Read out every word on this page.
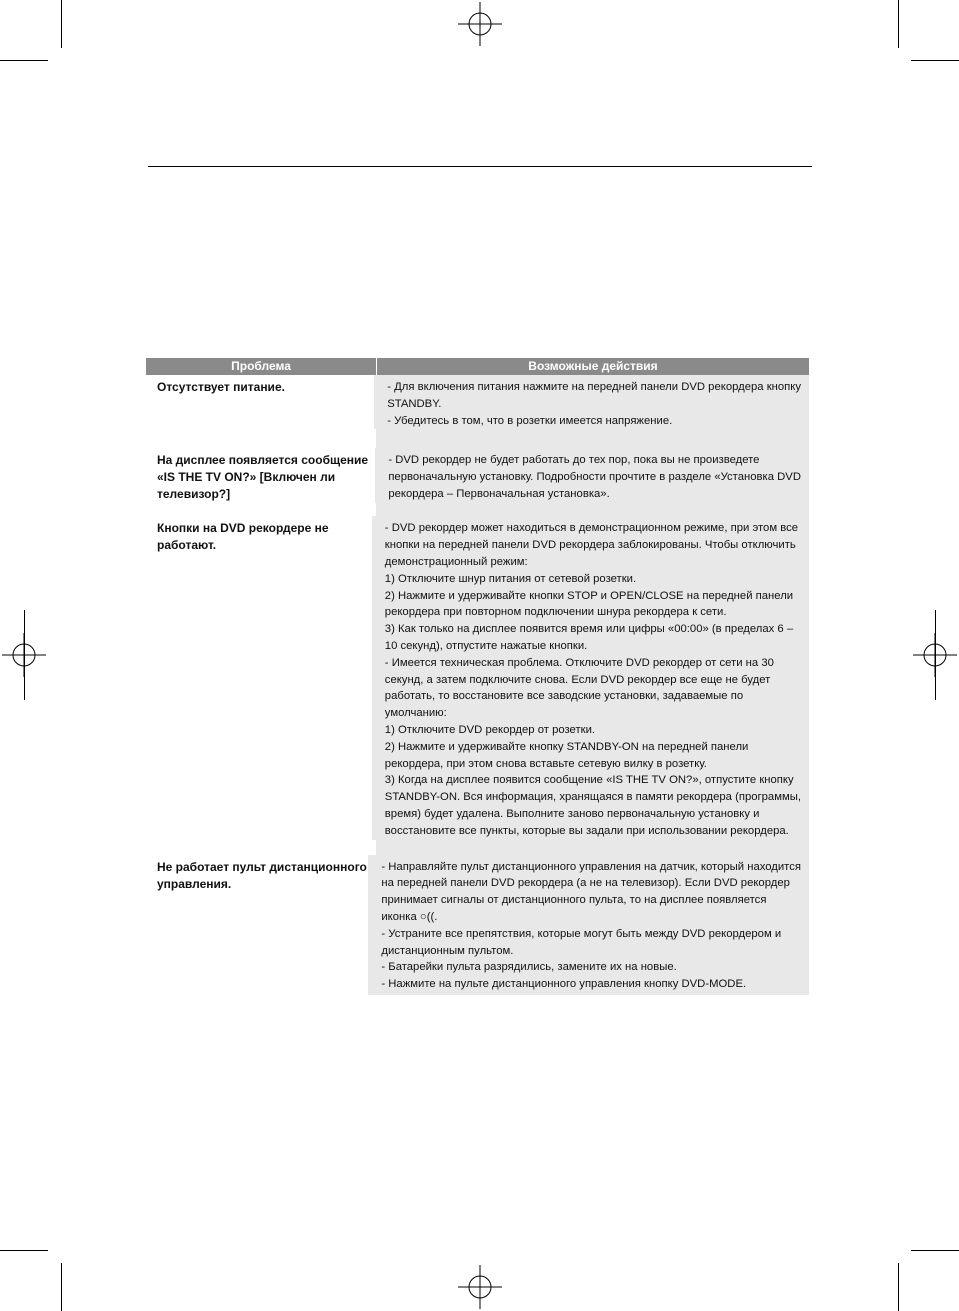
Проблема	Возможные действия
Отсутствует питание.	- Для включения питания нажмите на передней панели DVD рекордера кнопку
STANDBY.
- Убедитесь в том, что в розетки имеется напряжение.
На дисплее появляется сообщение
«IS THE TV ON?» [Включен ли
телевизор?]
- DVD рекордер не будет работать до тех пор, пока вы не произведете
первоначальную установку. Подробности прочтите в разделе «Установка DVD
рекордера – Первоначальная установка».
Кнопки на DVD рекордере не
работают.
- DVD рекордер может находиться в демонстрационном режиме, при этом все
кнопки на передней панели DVD рекордера заблокированы. Чтобы отключить
демонстрационный режим:
1) Отключите шнур питания от сетевой розетки.
2) Нажмите и удерживайте кнопки STOP и OPEN/CLOSE на передней панели
рекордера при повторном подключении шнура рекордера к сети.
3) Как только на дисплее появится время или цифры «00:00» (в пределах 6 –
10 секунд), отпустите нажатые кнопки.
- Имеется техническая проблема. Отключите DVD рекордер от сети на 30
секунд, а затем подключите снова. Если DVD рекордер все еще не будет
работать, то восстановите все заводские установки, задаваемые по
умолчанию:
1) Отключите DVD рекордер от розетки.
2) Нажмите и удерживайте кнопку STANDBY-ON на передней панели
рекордера, при этом снова вставьте сетевую вилку в розетку.
3) Когда на дисплее появится сообщение «IS THE TV ON?», отпустите кнопку
STANDBY-ON. Вся информация, хранящаяся в памяти рекордера (программы,
время) будет удалена. Выполните заново первоначальную установку и
восстановите все пункты, которые вы задали при использовании рекордера.
Не работает пульт дистанционного
управления.
- Направляйте пульт дистанционного управления на датчик, который находится
на передней панели DVD рекордера (а не на телевизор). Если DVD рекордер
принимает сигналы от дистанционного пульта, то на дисплее появляется
иконка ○((.
- Устраните все препятствия, которые могут быть между DVD рекордером и
дистанционным пультом.
- Батарейки пульта разрядились, замените их на новые.
- Нажмите на пульте дистанционного управления кнопку DVD-MODE.
